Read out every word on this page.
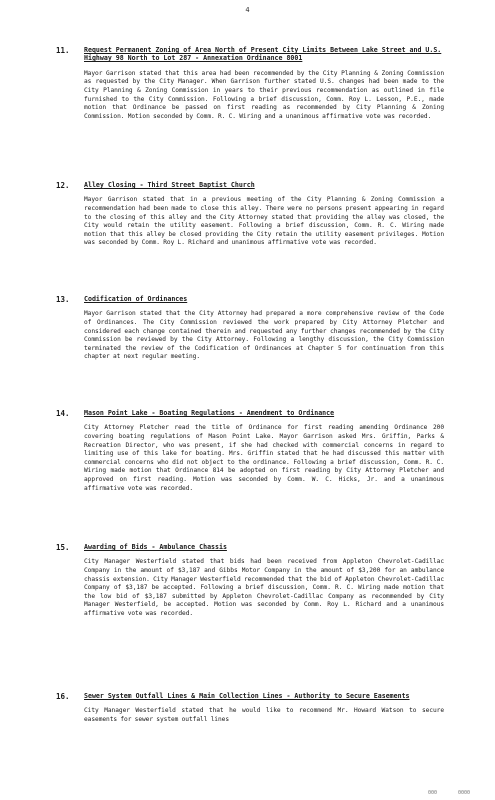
4
11. Request Permanent Zoning of Area North of Present City Limits Between Lake Street and U.S. Highway 98 North to Lot 287 - Annexation Ordinance 8001

Mayor Garrison stated that this area had been recommended by the City Planning & Zoning Commission as requested by the City Manager. When Garrison further stated U.S. changes had been made to the City Planning & Zoning Commission in years to their previous recommendation as outlined in file furnished to the City Commission. Following a brief discussion, Comm. Roy L. Lesson, P.E., made motion that Ordinance be passed on first reading as recommended by City Planning & Zoning Commission. Motion seconded by Comm. R. C. Wiring and a unanimous affirmative vote was recorded.

12. Alley Closing - Third Street Baptist Church

Mayor Garrison stated that in a previous meeting of the City Planning & Zoning Commission a recommendation had been made to close this alley. There were no persons present appearing in regard to the closing of this alley and the City Attorney stated that providing the alley was closed, the City would retain the utility easement. Following a brief discussion, Comm. R. C. Wiring made motion that this alley be closed providing the City retain the utility easement privileges. Motion was seconded by Comm. Roy L. Richard and unanimous affirmative vote was recorded.

13. Codification of Ordinances

Mayor Garrison stated that the City Attorney had prepared a more comprehensive review of the Code of Ordinances. The City Commission reviewed the work prepared by City Attorney Pletcher and considered each change contained therein and requested any further changes recommended by the City Commission be reviewed by the City Attorney. Following a lengthy discussion, the City Commission terminated the review of the Codification of Ordinances at Chapter 5 for continuation from this chapter at next regular meeting.

14. Mason Point Lake - Boating Regulations - Amendment to Ordinance

City Attorney Pletcher read the title of Ordinance for first reading amending Ordinance 200 covering boating regulations of Mason Point Lake. Mayor Garrison asked Mrs. Griffin, Parks & Recreation Director, who was present, if she had checked with commercial concerns in regard to limiting use of this lake for boating. Mrs. Griffin stated that he had discussed this matter with commercial concerns who did not object to the ordinance. Following a brief discussion, Comm. R. C. Wiring made motion that Ordinance 814 be adopted on first reading by City Attorney Pletcher and approved on first reading. Motion was seconded by Comm. W. C. Hicks, Jr. and a unanimous affirmative vote was recorded.

15. Awarding of Bids - Ambulance Chassis

City Manager Westerfield stated that bids had been received from Appleton Chevrolet-Cadillac Company in the amount of $3,187 and Gibbs Motor Company in the amount of $3,200 for an ambulance chassis extension. City Manager Westerfield recommended that the bid of Appleton Chevrolet-Cadillac Company of $3,187 be accepted. Following a brief discussion, Comm. R. C. Wiring made motion that the low bid of $3,187 submitted by Appleton Chevrolet-Cadillac Company as recommended by City Manager Westerfield, be accepted. Motion was seconded by Comm. Roy L. Richard and a unanimous affirmative vote was recorded.

16. Sewer System Outfall Lines & Main Collection Lines - Authority to Secure Easements

City Manager Westerfield stated that he would like to recommend Mr. Howard Watson to secure easements for sewer system outfall lines

000	0000
